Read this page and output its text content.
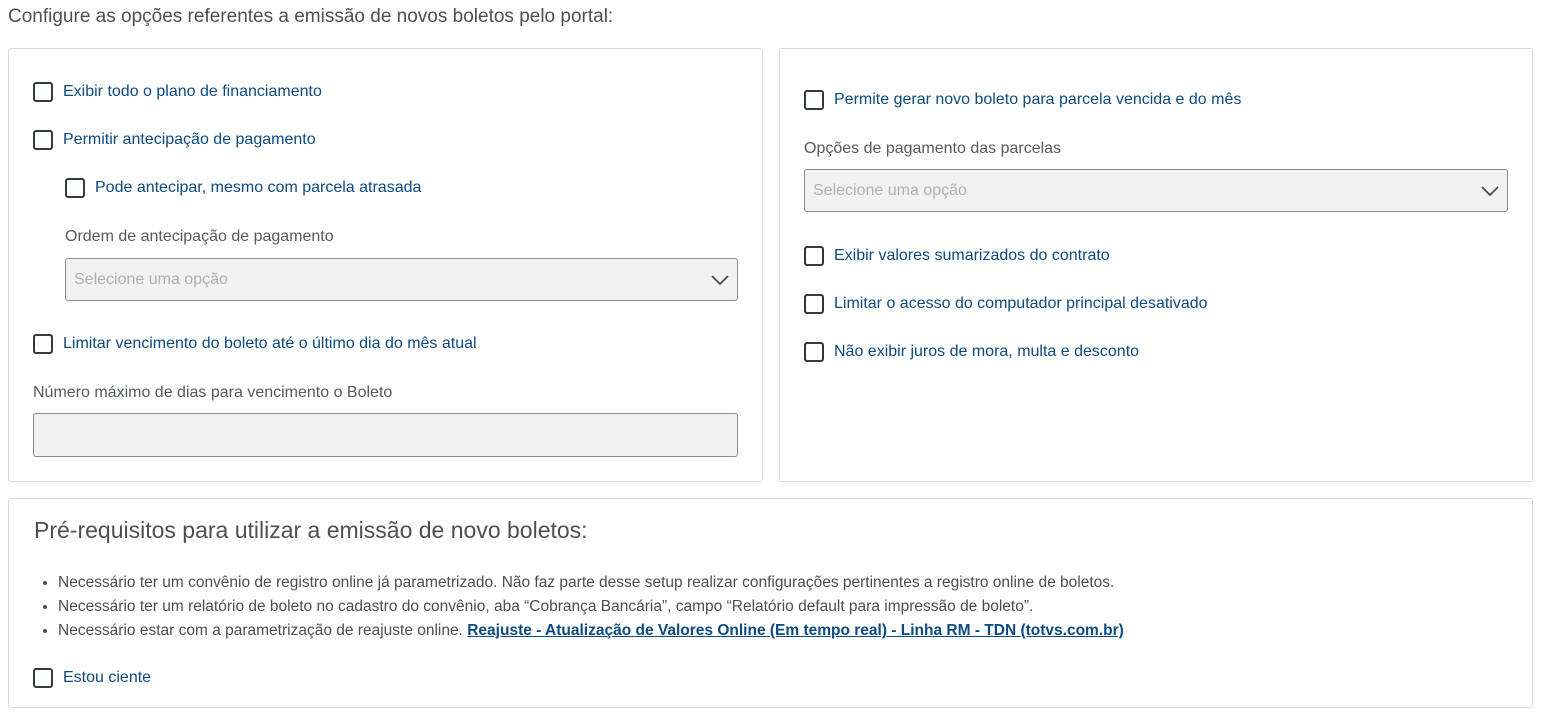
Configure as opções referentes a emissão de novos boletos pelo portal:
Exibir todo o plano de financiamento
Permitir antecipação de pagamento
Pode antecipar, mesmo com parcela atrasada
Ordem de antecipação de pagamento
Selecione uma opção
Limitar vencimento do boleto até o último dia do mês atual
Número máximo de dias para vencimento o Boleto
Permite gerar novo boleto para parcela vencida e do mês
Opções de pagamento das parcelas
Selecione uma opção
Exibir valores sumarizados do contrato
Limitar o acesso do computador principal desativado
Não exibir juros de mora, multa e desconto
Pré-requisitos para utilizar a emissão de novo boletos:
• Necessário ter um convênio de registro online já parametrizado. Não faz parte desse setup realizar configurações pertinentes a registro online de boletos.
• Necessário ter um relatório de boleto no cadastro do convênio, aba “Cobrança Bancária”, campo “Relatório default para impressão de boleto”.
• Necessário estar com a parametrização de reajuste online. Reajuste - Atualização de Valores Online (Em tempo real) - Linha RM - TDN (totvs.com.br)
Estou ciente
